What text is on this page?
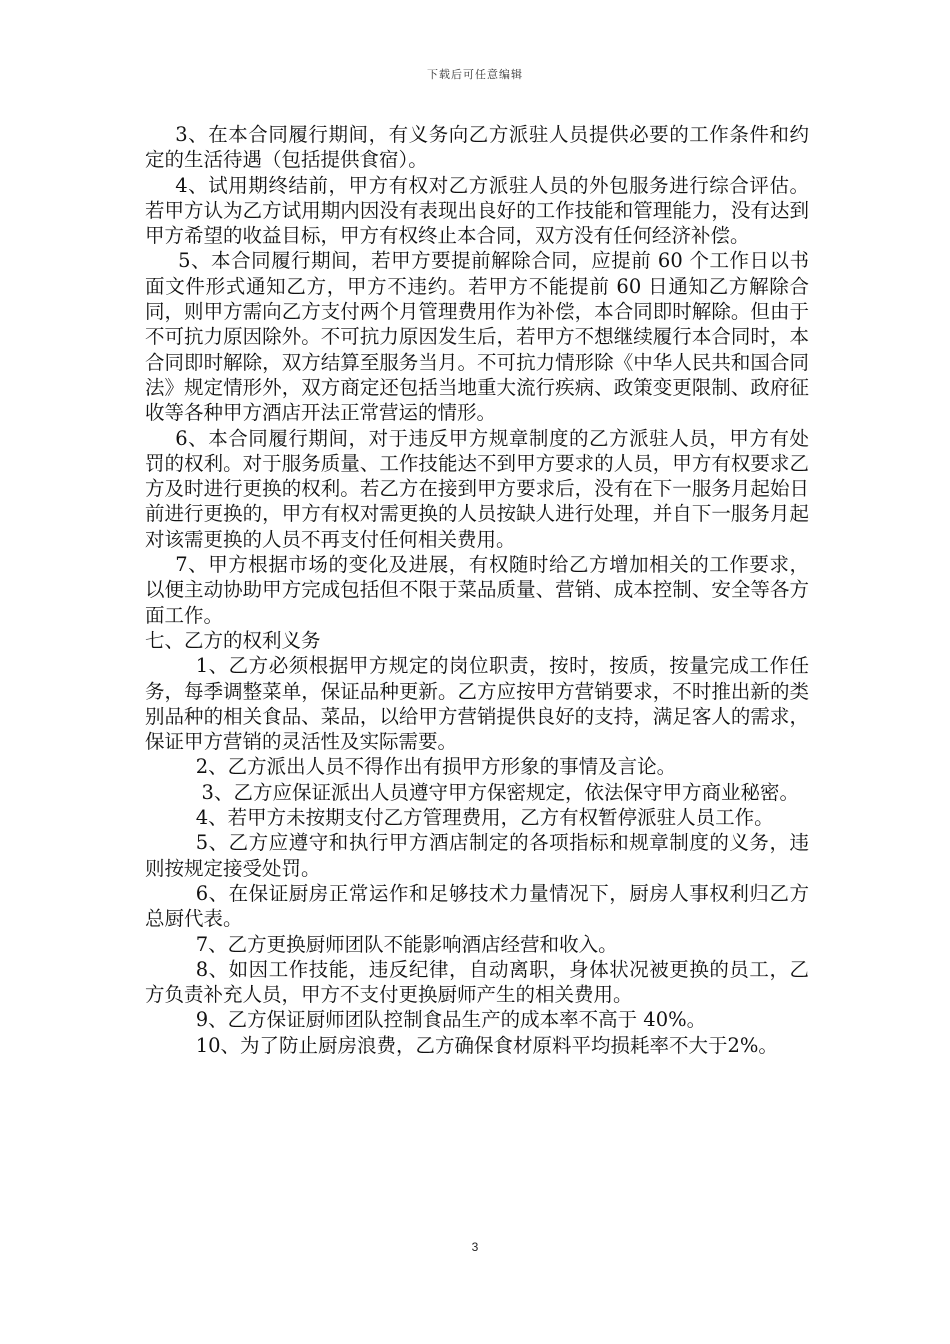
下载后可任意编辑

3、在本合同履行期间，有义务向乙方派驻人员提供必要的工作条件和约定的生活待遇（包括提供食宿）。

4、试用期终结前，甲方有权对乙方派驻人员的外包服务进行综合评估。若甲方认为乙方试用期内因没有表现出良好的工作技能和管理能力，没有达到甲方希望的收益目标，甲方有权终止本合同，双方没有任何经济补偿。

5、本合同履行期间，若甲方要提前解除合同，应提前 60 个工作日以书面文件形式通知乙方，甲方不违约。若甲方不能提前 60 日通知乙方解除合同，则甲方需向乙方支付两个月管理费用作为补偿，本合同即时解除。但由于不可抗力原因除外。不可抗力原因发生后，若甲方不想继续履行本合同时，本合同即时解除，双方结算至服务当月。不可抗力情形除《中华人民共和国合同法》规定情形外，双方商定还包括当地重大流行疾病、政策变更限制、政府征收等各种甲方酒店开法正常营运的情形。

6、本合同履行期间，对于违反甲方规章制度的乙方派驻人员，甲方有处罚的权利。对于服务质量、工作技能达不到甲方要求的人员，甲方有权要求乙方及时进行更换的权利。若乙方在接到甲方要求后，没有在下一服务月起始日前进行更换的，甲方有权对需更换的人员按缺人进行处理，并自下一服务月起对该需更换的人员不再支付任何相关费用。

7、甲方根据市场的变化及进展，有权随时给乙方增加相关的工作要求，以便主动协助甲方完成包括但不限于菜品质量、营销、成本控制、安全等各方面工作。

七、乙方的权利义务

1、乙方必须根据甲方规定的岗位职责，按时，按质，按量完成工作任务，每季调整菜单，保证品种更新。乙方应按甲方营销要求，不时推出新的类别品种的相关食品、菜品，以给甲方营销提供良好的支持，满足客人的需求，保证甲方营销的灵活性及实际需要。

2、乙方派出人员不得作出有损甲方形象的事情及言论。

3、乙方应保证派出人员遵守甲方保密规定，依法保守甲方商业秘密。

4、若甲方未按期支付乙方管理费用，乙方有权暂停派驻人员工作。

5、乙方应遵守和执行甲方酒店制定的各项指标和规章制度的义务，违则按规定接受处罚。

6、在保证厨房正常运作和足够技术力量情况下，厨房人事权利归乙方总厨代表。

7、乙方更换厨师团队不能影响酒店经营和收入。

8、如因工作技能，违反纪律，自动离职，身体状况被更换的员工，乙方负责补充人员，甲方不支付更换厨师产生的相关费用。

9、乙方保证厨师团队控制食品生产的成本率不高于 40%。

10、为了防止厨房浪费，乙方确保食材原料平均损耗率不大于2%。

3
